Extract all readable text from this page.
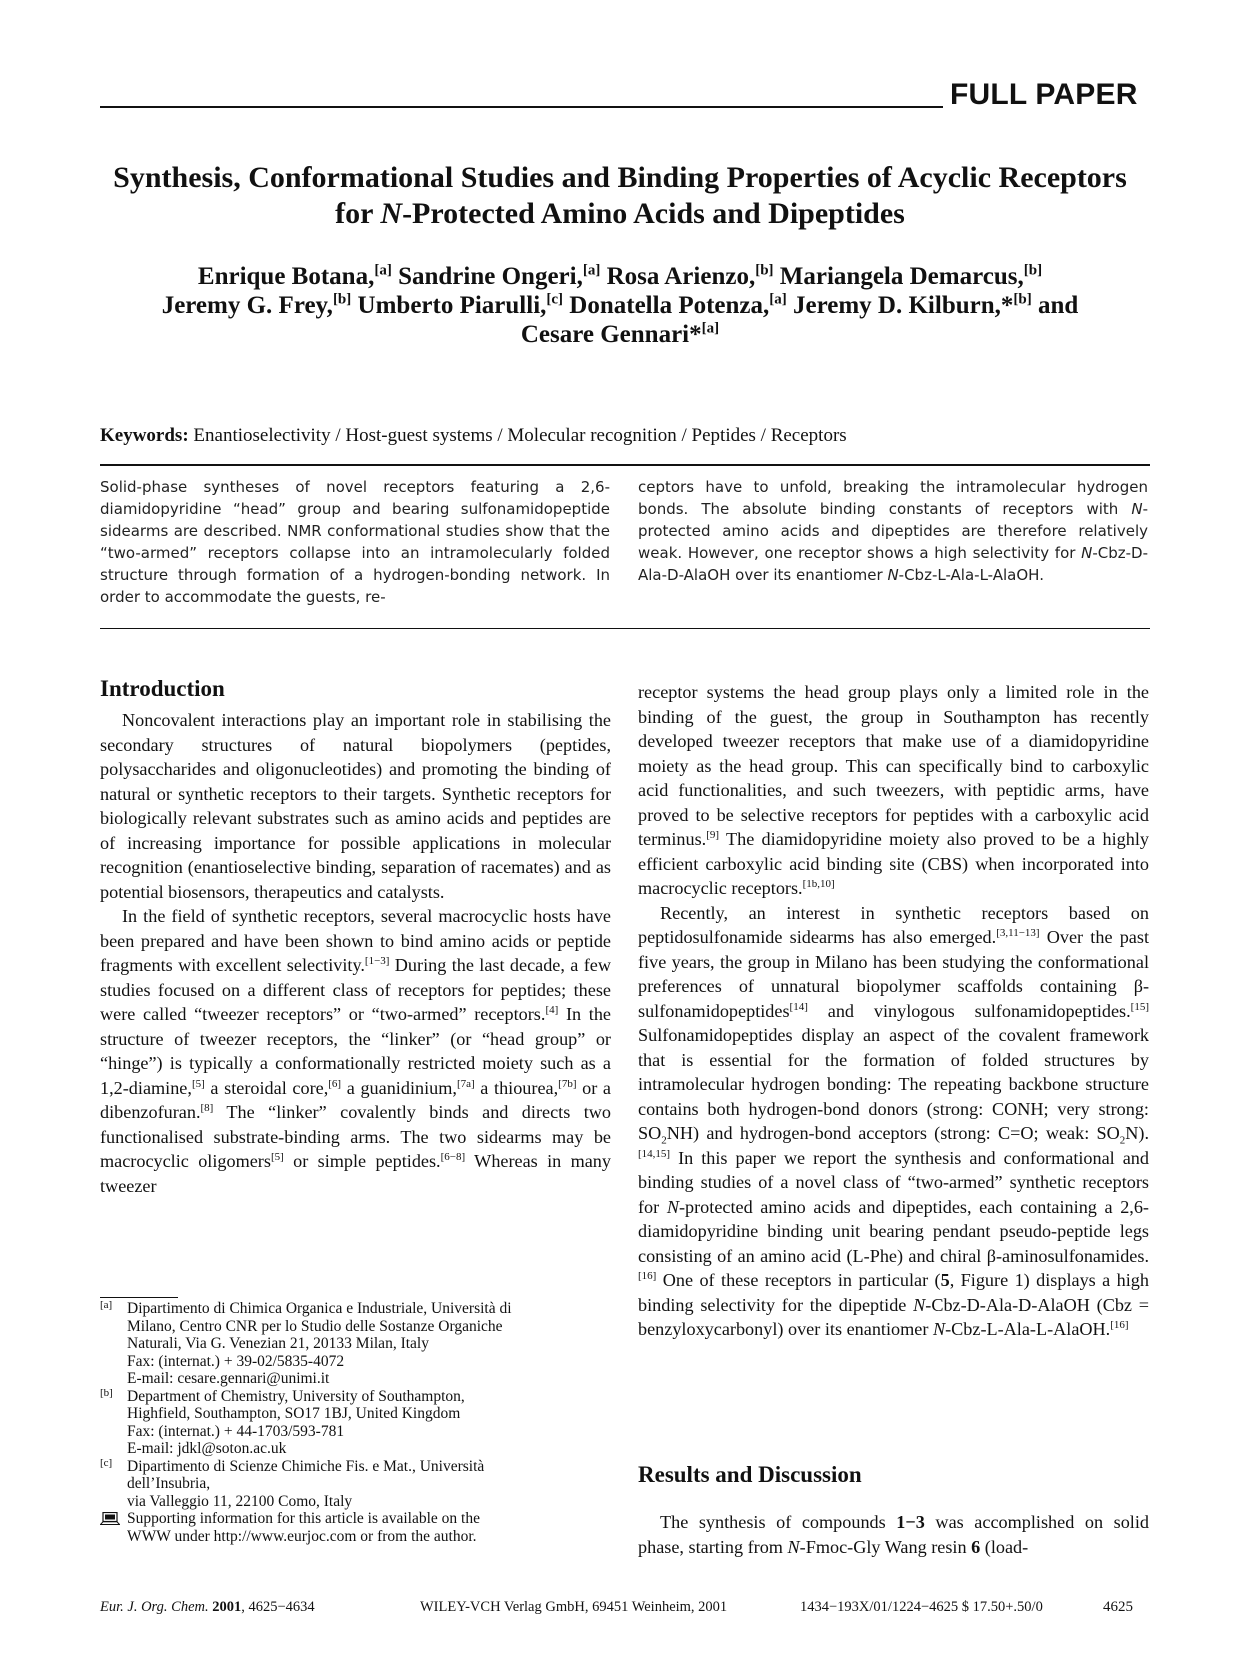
FULL PAPER
Synthesis, Conformational Studies and Binding Properties of Acyclic Receptors
for N-Protected Amino Acids and Dipeptides
Enrique Botana,[a] Sandrine Ongeri,[a] Rosa Arienzo,[b] Mariangela Demarcus,[b]
Jeremy G. Frey,[b] Umberto Piarulli,[c] Donatella Potenza,[a] Jeremy D. Kilburn,*[b] and
Cesare Gennari*[a]
Keywords: Enantioselectivity / Host-guest systems / Molecular recognition / Peptides / Receptors
Solid-phase syntheses of novel receptors featuring a 2,6-diamidopyridine “head” group and bearing sulfonamidopeptide sidearms are described. NMR conformational studies show that the “two-armed” receptors collapse into an intramolecularly folded structure through formation of a hydrogen-bonding network. In order to accommodate the guests, re-
ceptors have to unfold, breaking the intramolecular hydrogen bonds. The absolute binding constants of receptors with N-protected amino acids and dipeptides are therefore relatively weak. However, one receptor shows a high selectivity for N-Cbz-D-Ala-D-AlaOH over its enantiomer N-Cbz-L-Ala-L-AlaOH.
Introduction

Noncovalent interactions play an important role in stabilising the secondary structures of natural biopolymers (peptides, polysaccharides and oligonucleotides) and promoting the binding of natural or synthetic receptors to their targets. Synthetic receptors for biologically relevant substrates such as amino acids and peptides are of increasing importance for possible applications in molecular recognition (enantioselective binding, separation of racemates) and as potential biosensors, therapeutics and catalysts.

In the field of synthetic receptors, several macrocyclic hosts have been prepared and have been shown to bind amino acids or peptide fragments with excellent selectivity.[1−3] During the last decade, a few studies focused on a different class of receptors for peptides; these were called “tweezer receptors” or “two-armed” receptors.[4] In the structure of tweezer receptors, the “linker” (or “head group” or “hinge”) is typically a conformationally restricted moiety such as a 1,2-diamine,[5] a steroidal core,[6] a guanidinium,[7a] a thiourea,[7b] or a dibenzofuran.[8] The “linker” covalently binds and directs two functionalised substrate-binding arms. The two sidearms may be macrocyclic oligomers[5] or simple peptides.[6−8] Whereas in many tweezer

receptor systems the head group plays only a limited role in the binding of the guest, the group in Southampton has recently developed tweezer receptors that make use of a diamidopyridine moiety as the head group. This can specifically bind to carboxylic acid functionalities, and such tweezers, with peptidic arms, have proved to be selective receptors for peptides with a carboxylic acid terminus.[9] The diamidopyridine moiety also proved to be a highly efficient carboxylic acid binding site (CBS) when incorporated into macrocyclic receptors.[1b,10]

Recently, an interest in synthetic receptors based on peptidosulfonamide sidearms has also emerged.[3,11−13] Over the past five years, the group in Milano has been studying the conformational preferences of unnatural biopolymer scaffolds containing β-sulfonamidopeptides[14] and vinylogous sulfonamidopeptides.[15] Sulfonamidopeptides display an aspect of the covalent framework that is essential for the formation of folded structures by intramolecular hydrogen bonding: The repeating backbone structure contains both hydrogen-bond donors (strong: CONH; very strong: $SO_2NH$) and hydrogen-bond acceptors (strong: C=O; weak: $SO_2N).[14,15]$ In this paper we report the synthesis and conformational and binding studies of a novel class of “two-armed” synthetic receptors for N-protected amino acids and dipeptides, each containing a 2,6-diamidopyridine binding unit bearing pendant pseudo-peptide legs consisting of an amino acid (L-Phe) and chiral β-aminosulfonamides.[16] One of these receptors in particular (5, Figure 1) displays a high binding selectivity for the dipeptide N-Cbz-D-Ala-D-AlaOH (Cbz = benzyloxycarbonyl) over its enantiomer N-Cbz-L-Ala-L-AlaOH.[16]

Results and Discussion

The synthesis of compounds 1−3 was accomplished on solid phase, starting from N-Fmoc-Gly Wang resin 6 (load-

[a] Dipartimento di Chimica Organica e Industriale, Università di
Milano, Centro CNR per lo Studio delle Sostanze Organiche
Naturali, Via G. Venezian 21, 20133 Milan, Italy
Fax: (internat.) + 39-02/5835-4072
E-mail: cesare.gennari@unimi.it
[b] Department of Chemistry, University of Southampton,
Highfield, Southampton, SO17 1BJ, United Kingdom
Fax: (internat.) + 44-1703/593-781
E-mail: jdkl@soton.ac.uk
[c] Dipartimento di Scienze Chimiche Fis. e Mat., Università
dell’Insubria,
via Valleggio 11, 22100 Como, Italy
Supporting information for this article is available on the
WWW under http://www.eurjoc.com or from the author.
Eur. J. Org. Chem. 2001, 4625−4634	WILEY-VCH Verlag GmbH, 69451 Weinheim, 2001	1434−193X/01/1224−4625 $ 17.50+.50/0	4625
